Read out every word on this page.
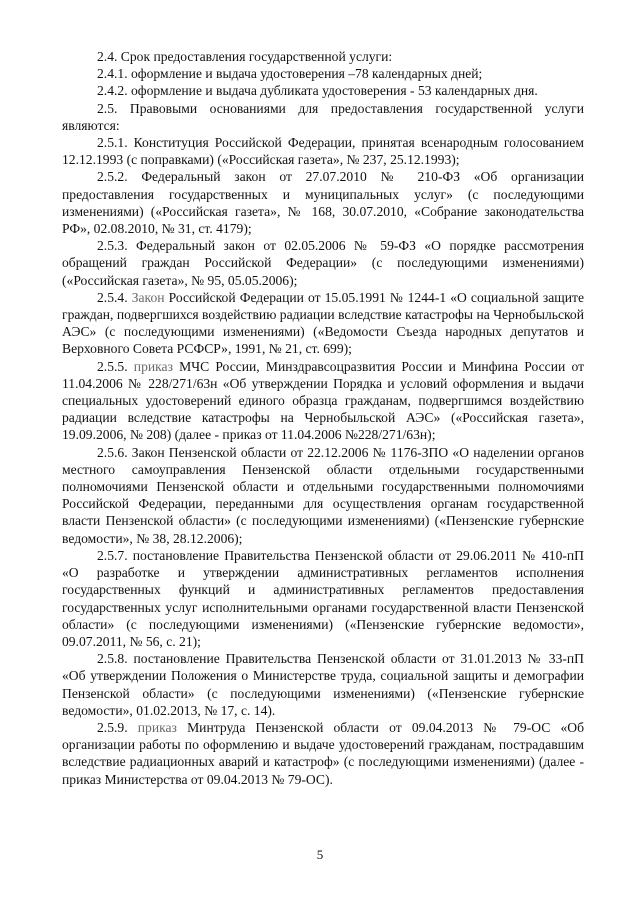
2.4. Срок предоставления государственной услуги:

2.4.1. оформление и выдача удостоверения –78 календарных дней;

2.4.2. оформление и выдача дубликата удостоверения - 53 календарных дня.

2.5. Правовыми основаниями для предоставления государственной услуги являются:

2.5.1. Конституция Российской Федерации, принятая всенародным голосованием 12.12.1993 (с поправками) («Российская газета», № 237, 25.12.1993);

2.5.2. Федеральный закон от 27.07.2010 № 210-ФЗ «Об организации предоставления государственных и муниципальных услуг» (с последующими изменениями) («Российская газета», № 168, 30.07.2010, «Собрание законодательства РФ», 02.08.2010, № 31, ст. 4179);

2.5.3. Федеральный закон от 02.05.2006 № 59-ФЗ «О порядке рассмотрения обращений граждан Российской Федерации» (с последующими изменениями) («Российская газета», № 95, 05.05.2006);

2.5.4. Закон Российской Федерации от 15.05.1991 № 1244-1 «О социальной защите граждан, подвергшихся воздействию радиации вследствие катастрофы на Чернобыльской АЭС» (с последующими изменениями) («Ведомости Съезда народных депутатов и Верховного Совета РСФСР», 1991, № 21, ст. 699);

2.5.5. приказ МЧС России, Минздравсоцразвития России и Минфина России от 11.04.2006 № 228/271/63н «Об утверждении Порядка и условий оформления и выдачи специальных удостоверений единого образца гражданам, подвергшимся воздействию радиации вследствие катастрофы на Чернобыльской АЭС» («Российская газета», 19.09.2006, № 208) (далее - приказ от 11.04.2006 №228/271/63н);

2.5.6. Закон Пензенской области от 22.12.2006 № 1176-ЗПО «О наделении органов местного самоуправления Пензенской области отдельными государственными полномочиями Пензенской области и отдельными государственными полномочиями Российской Федерации, переданными для осуществления органам государственной власти Пензенской области» (с последующими изменениями) («Пензенские губернские ведомости», № 38, 28.12.2006);

2.5.7. постановление Правительства Пензенской области от 29.06.2011 № 410-пП «О разработке и утверждении административных регламентов исполнения государственных функций и административных регламентов предоставления государственных услуг исполнительными органами государственной власти Пензенской области» (с последующими изменениями) («Пензенские губернские ведомости», 09.07.2011, № 56, с. 21);

2.5.8. постановление Правительства Пензенской области от 31.01.2013 № 33-пП «Об утверждении Положения о Министерстве труда, социальной защиты и демографии Пензенской области» (с последующими изменениями) («Пензенские губернские ведомости», 01.02.2013, № 17, с. 14).

2.5.9. приказ Минтруда Пензенской области от 09.04.2013 № 79-ОС «Об организации работы по оформлению и выдаче удостоверений гражданам, пострадавшим вследствие радиационных аварий и катастроф» (с последующими изменениями) (далее - приказ Министерства от 09.04.2013 № 79-ОС).

5
